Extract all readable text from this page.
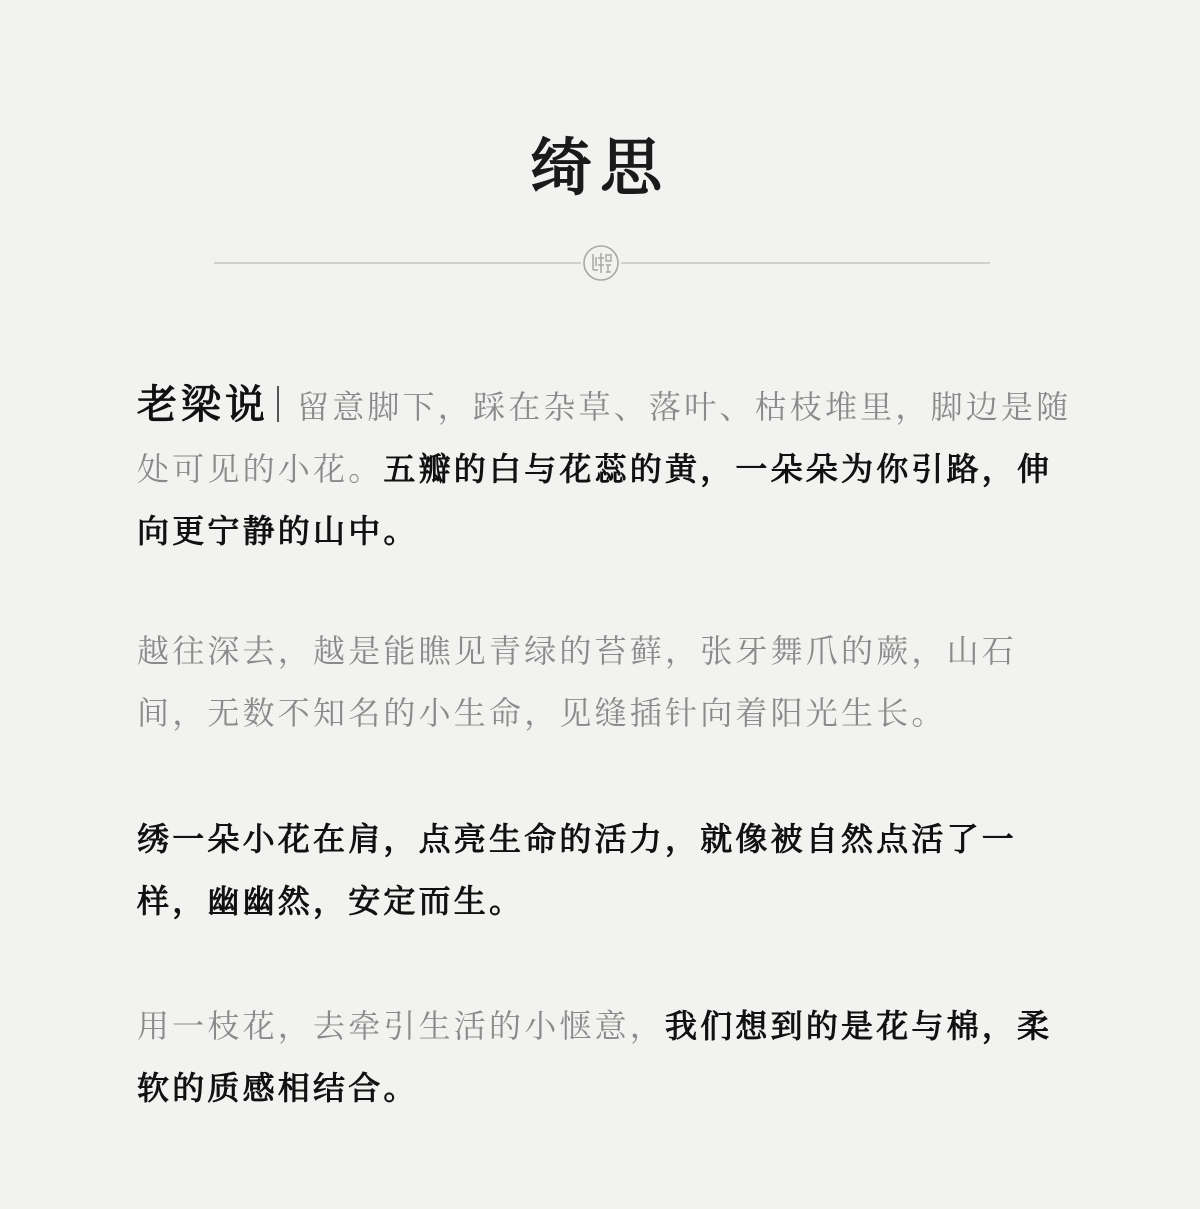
绮思

老梁说 留意脚下，踩在杂草、落叶、枯枝堆里，脚边是随处可见的小花。五瓣的白与花蕊的黄，一朵朵为你引路，伸向更宁静的山中。

越往深去，越是能瞧见青绿的苔藓，张牙舞爪的蕨，山石间，无数不知名的小生命，见缝插针向着阳光生长。

绣一朵小花在肩，点亮生命的活力，就像被自然点活了一样，幽幽然，安定而生。

用一枝花，去牵引生活的小惬意，我们想到的是花与棉，柔软的质感相结合。
